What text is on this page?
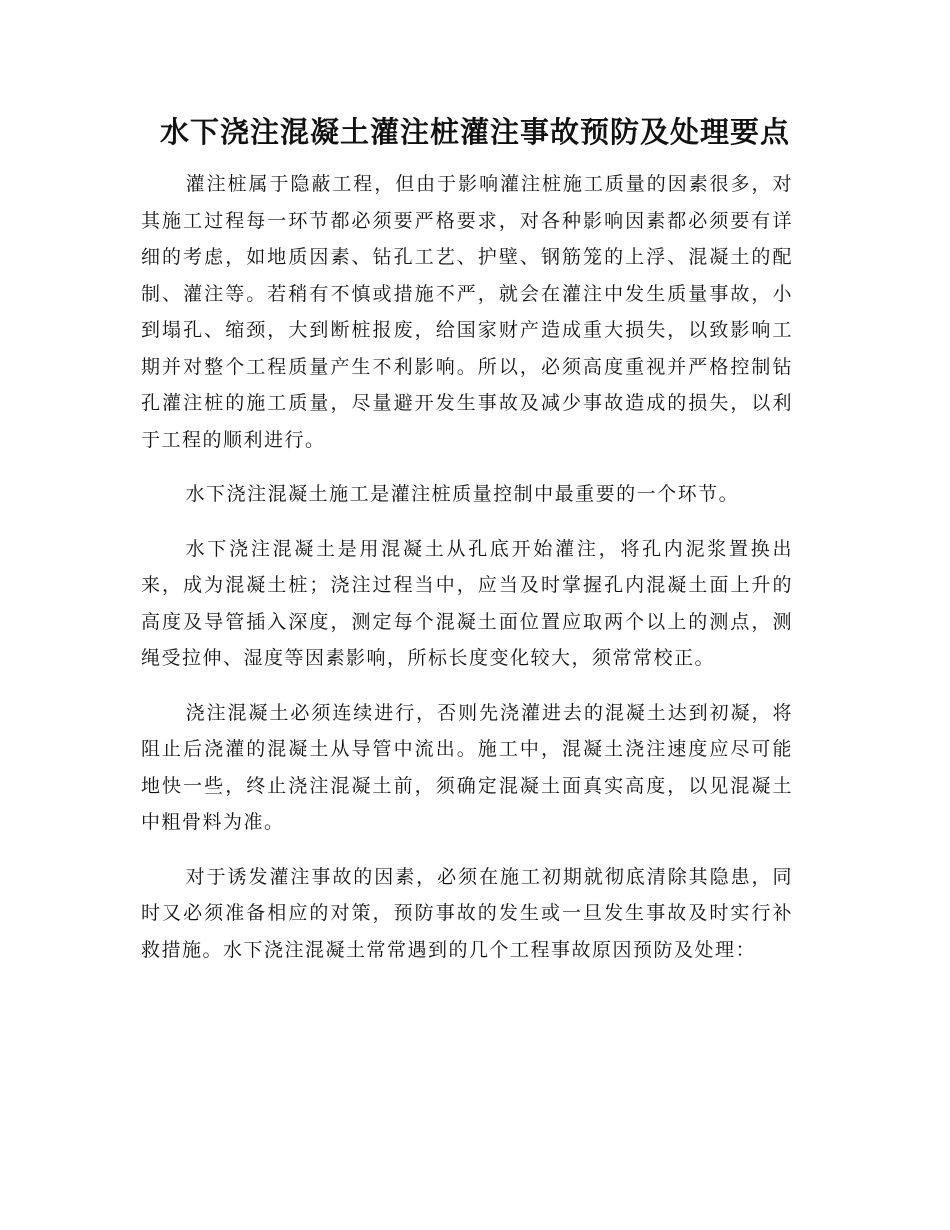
水下浇注混凝土灌注桩灌注事故预防及处理要点

灌注桩属于隐蔽工程，但由于影响灌注桩施工质量的因素很多，对其施工过程每一环节都必须要严格要求，对各种影响因素都必须要有详细的考虑，如地质因素、钻孔工艺、护壁、钢筋笼的上浮、混凝土的配制、灌注等。若稍有不慎或措施不严，就会在灌注中发生质量事故，小到塌孔、缩颈，大到断桩报废，给国家财产造成重大损失，以致影响工期并对整个工程质量产生不利影响。所以，必须高度重视并严格控制钻孔灌注桩的施工质量，尽量避开发生事故及减少事故造成的损失，以利于工程的顺利进行。

水下浇注混凝土施工是灌注桩质量控制中最重要的一个环节。

水下浇注混凝土是用混凝土从孔底开始灌注，将孔内泥浆置换出来，成为混凝土桩；浇注过程当中，应当及时掌握孔内混凝土面上升的高度及导管插入深度，测定每个混凝土面位置应取两个以上的测点，测绳受拉伸、湿度等因素影响，所标长度变化较大，须常常校正。

浇注混凝土必须连续进行，否则先浇灌进去的混凝土达到初凝，将阻止后浇灌的混凝土从导管中流出。施工中，混凝土浇注速度应尽可能地快一些，终止浇注混凝土前，须确定混凝土面真实高度，以见混凝土中粗骨料为准。

对于诱发灌注事故的因素，必须在施工初期就彻底清除其隐患，同时又必须准备相应的对策，预防事故的发生或一旦发生事故及时实行补救措施。水下浇注混凝土常常遇到的几个工程事故原因预防及处理：
